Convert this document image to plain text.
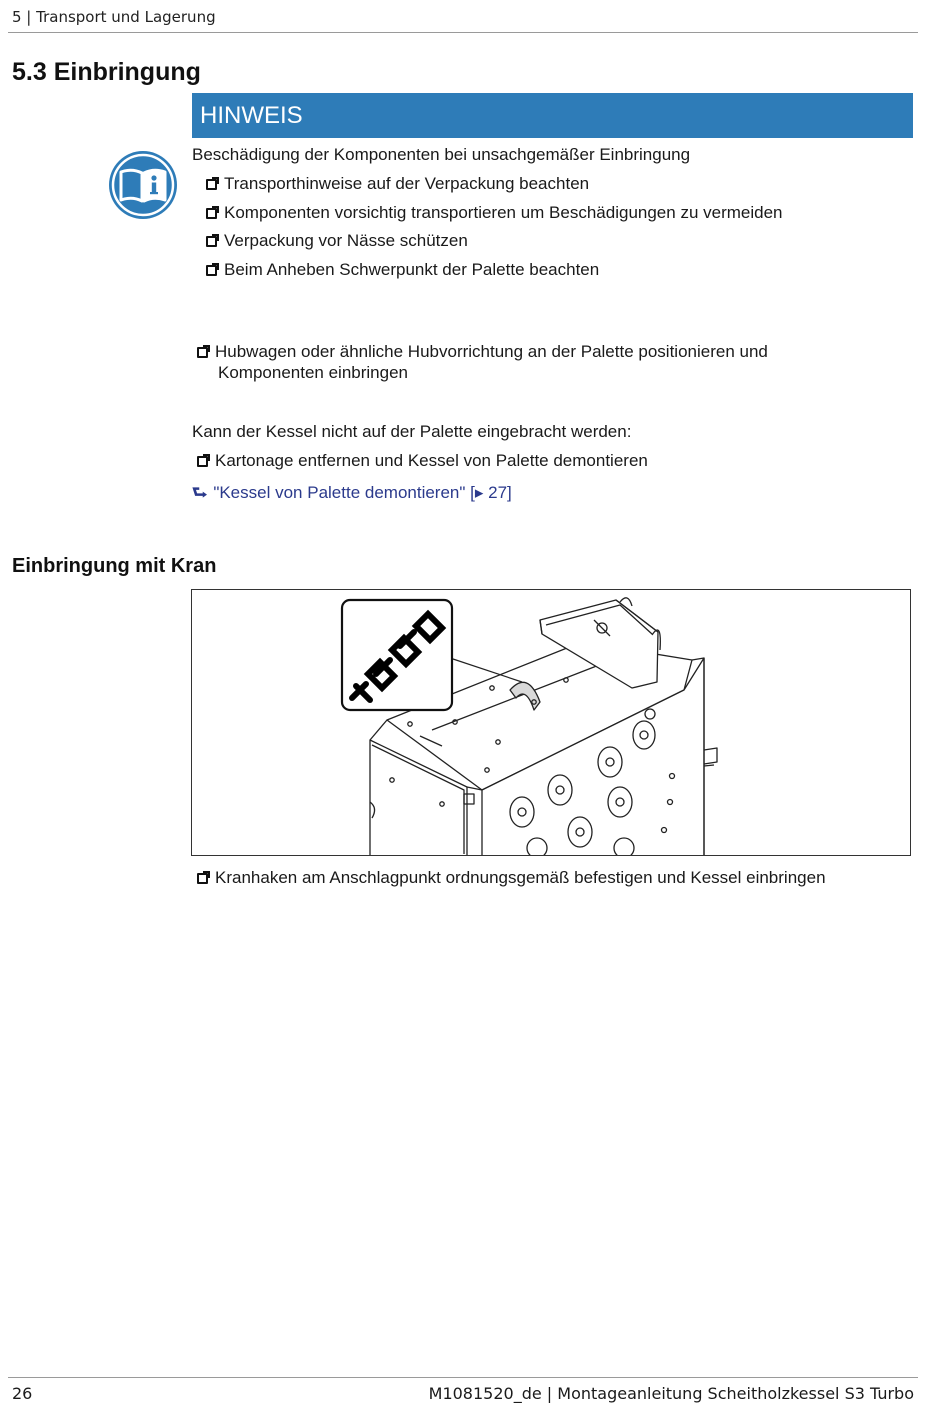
5 | Transport und Lagerung
5.3 Einbringung
HINWEIS
Beschädigung der Komponenten bei unsachgemäßer Einbringung
Transporthinweise auf der Verpackung beachten
Komponenten vorsichtig transportieren um Beschädigungen zu vermeiden
Verpackung vor Nässe schützen
Beim Anheben Schwerpunkt der Palette beachten
Hubwagen oder ähnliche Hubvorrichtung an der Palette positionieren und
Komponenten einbringen
Kann der Kessel nicht auf der Palette eingebracht werden:
Kartonage entfernen und Kessel von Palette demontieren
⮑ "Kessel von Palette demontieren" [▸ 27]
Einbringung mit Kran
Kranhaken am Anschlagpunkt ordnungsgemäß befestigen und Kessel einbringen
26	M1081520_de | Montageanleitung Scheitholzkessel S3 Turbo
